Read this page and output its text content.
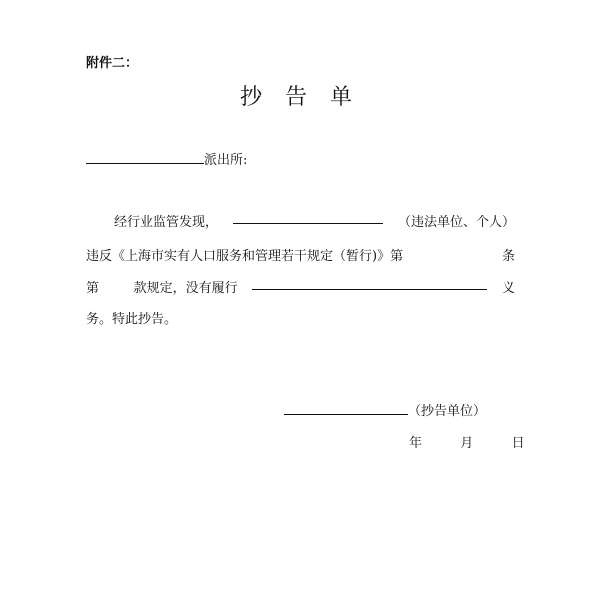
附件二：
抄 告 单
派出所:
经行业监管发现，	（违法单位、个人）
违反《上海市实有人口服务和管理若干规定（暂行)》第	条
第	款规定，没有履行	义
务。特此抄告。
（抄告单位）
年	月	日
